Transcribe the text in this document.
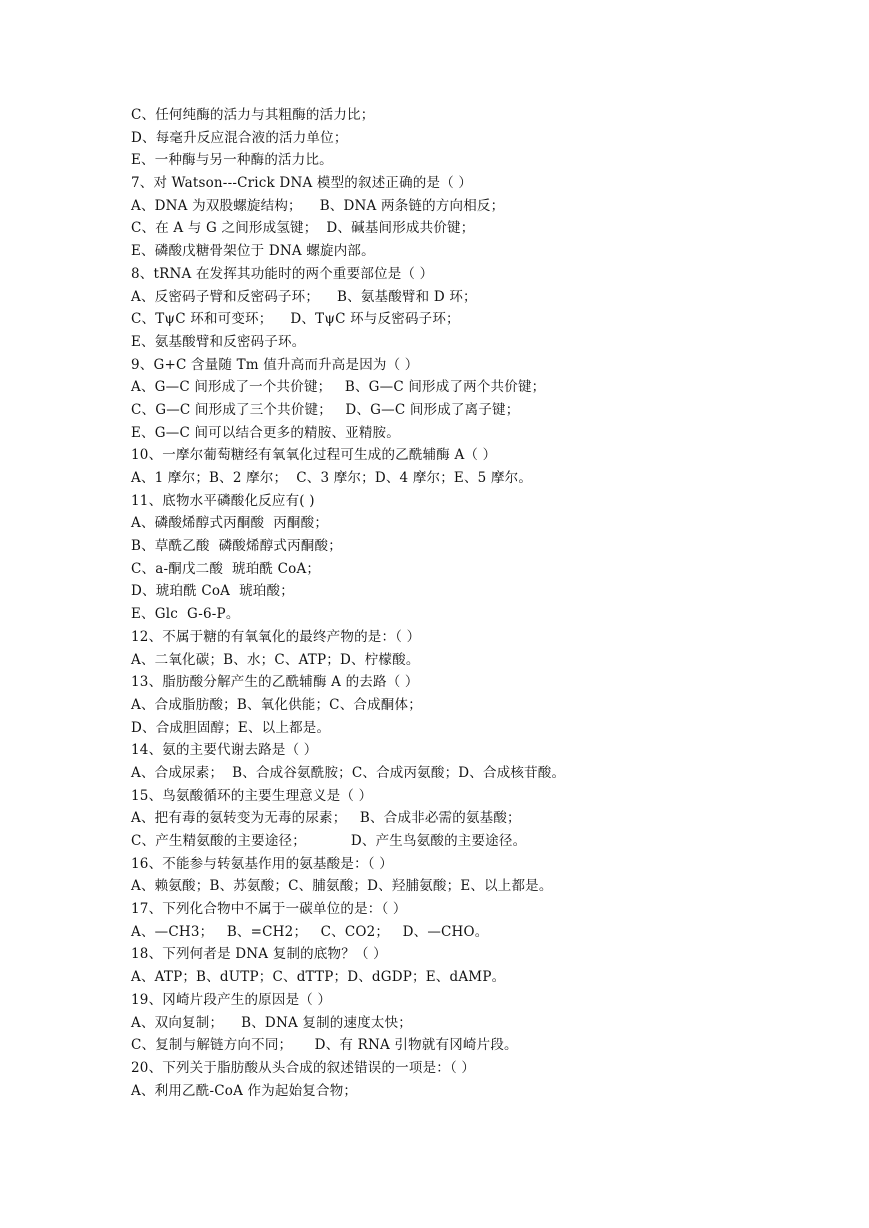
C、任何纯酶的活力与其粗酶的活力比；
D、每毫升反应混合液的活力单位；
E、一种酶与另一种酶的活力比。
7、对 Watson---Crick DNA 模型的叙述正确的是（ ）
A、DNA 为双股螺旋结构；    B、DNA 两条链的方向相反；
C、在 A 与 G 之间形成氢键；  D、碱基间形成共价键；
E、磷酸戊糖骨架位于 DNA 螺旋内部。
8、tRNA 在发挥其功能时的两个重要部位是（ ）
A、反密码子臂和反密码子环；    B、氨基酸臂和 D 环；
C、TψC 环和可变环；    D、TψC 环与反密码子环；
E、氨基酸臂和反密码子环。
9、G+C 含量随 Tm 值升高而升高是因为（ ）
A、G—C 间形成了一个共价键；   B、G—C 间形成了两个共价键；
C、G—C 间形成了三个共价键；   D、G—C 间形成了离子键；
E、G—C 间可以结合更多的精胺、亚精胺。
10、一摩尔葡萄糖经有氧氧化过程可生成的乙酰辅酶 A（ ）
A、1 摩尔；B、2 摩尔；  C、3 摩尔；D、4 摩尔；E、5 摩尔。
11、底物水平磷酸化反应有( )
A、磷酸烯醇式丙酮酸  丙酮酸；
B、草酰乙酸  磷酸烯醇式丙酮酸；
C、a-酮戊二酸  琥珀酰 CoA；
D、琥珀酰 CoA  琥珀酸；
E、Glc  G-6-P。
12、不属于糖的有氧氧化的最终产物的是：（ ）
A、二氧化碳；B、水；C、ATP；D、柠檬酸。
13、脂肪酸分解产生的乙酰辅酶 A 的去路（ ）
A、合成脂肪酸；B、氧化供能；C、合成酮体；
D、合成胆固醇；E、以上都是。
14、氨的主要代谢去路是（ ）
A、合成尿素；  B、合成谷氨酰胺；C、合成丙氨酸；D、合成核苷酸。
15、鸟氨酸循环的主要生理意义是（ ）
A、把有毒的氨转变为无毒的尿素；   B、合成非必需的氨基酸；
C、产生精氨酸的主要途径；          D、产生鸟氨酸的主要途径。
16、不能参与转氨基作用的氨基酸是：（ ）
A、赖氨酸；B、苏氨酸；C、脯氨酸；D、羟脯氨酸；E、以上都是。
17、下列化合物中不属于一碳单位的是：（ ）
A、—CH3；   B、=CH2；   C、CO2；   D、—CHO。
18、下列何者是 DNA 复制的底物？（ ）
A、ATP；B、dUTP；C、dTTP；D、dGDP；E、dAMP。
19、冈崎片段产生的原因是（ ）
A、双向复制；    B、DNA 复制的速度太快；
C、复制与解链方向不同；     D、有 RNA 引物就有冈崎片段。
20、下列关于脂肪酸从头合成的叙述错误的一项是：（ ）
A、利用乙酰-CoA 作为起始复合物；
